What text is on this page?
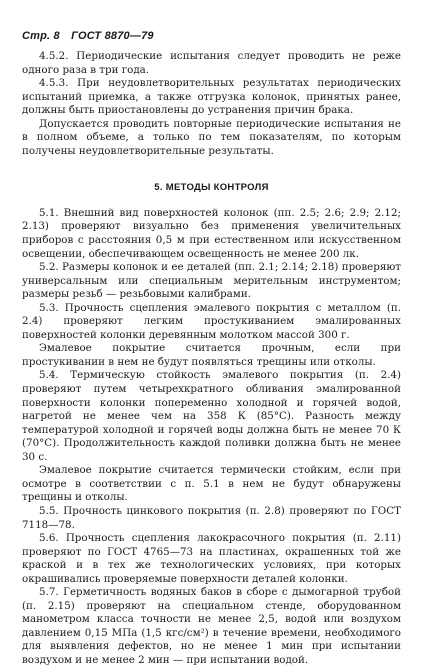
Стр. 8 ГОСТ 8870—79

4.5.2. Периодические испытания следует проводить не реже одного раза в три года.

4.5.3. При неудовлетворительных результатах периодических испытаний приемка, а также отгрузка колонок, принятых ранее, должны быть приостановлены до устранения причин брака.

Допускается проводить повторные периодические испытания не в полном объеме, а только по тем показателям, по которым получены неудовлетворительные результаты.

5. МЕТОДЫ КОНТРОЛЯ

5.1. Внешний вид поверхностей колонок (пп. 2.5; 2.6; 2.9; 2.12; 2.13) проверяют визуально без применения увеличительных приборов с расстояния 0,5 м при естественном или искусственном освещении, обеспечивающем освещенность не менее 200 лк.

5.2. Размеры колонок и ее деталей (пп. 2.1; 2.14; 2.18) проверяют универсальным или специальным мерительным инструментом; размеры резьб — резьбовыми калибрами.

5.3. Прочность сцепления эмалевого покрытия с металлом (п. 2.4) проверяют легким простукиванием эмалированных поверхностей колонки деревянным молотком массой 300 г.

Эмалевое покрытие считается прочным, если при простукивании в нем не будут появляться трещины или отколы.

5.4. Термическую стойкость эмалевого покрытия (п. 2.4) проверяют путем четырехкратного обливания эмалированной поверхности колонки попеременно холодной и горячей водой, нагретой не менее чем на 358 К (85°С). Разность между температурой холодной и горячей воды должна быть не менее 70 К (70°С). Продолжительность каждой поливки должна быть не менее 30 с.

Эмалевое покрытие считается термически стойким, если при осмотре в соответствии с п. 5.1 в нем не будут обнаружены трещины и отколы.

5.5. Прочность цинкового покрытия (п. 2.8) проверяют по ГОСТ 7118—78.

5.6. Прочность сцепления лакокрасочного покрытия (п. 2.11) проверяют по ГОСТ 4765—73 на пластинах, окрашенных той же краской и в тех же технологических условиях, при которых окрашивались проверяемые поверхности деталей колонки.

5.7. Герметичность водяных баков в сборе с дымогарной трубой (п. 2.15) проверяют на специальном стенде, оборудованном манометром класса точности не менее 2,5, водой или воздухом давлением 0,15 МПа (1,5 кгс/см²) в течение времени, необходимого для выявления дефектов, но не менее 1 мин при испытании воздухом и не менее 2 мин — при испытании водой.
